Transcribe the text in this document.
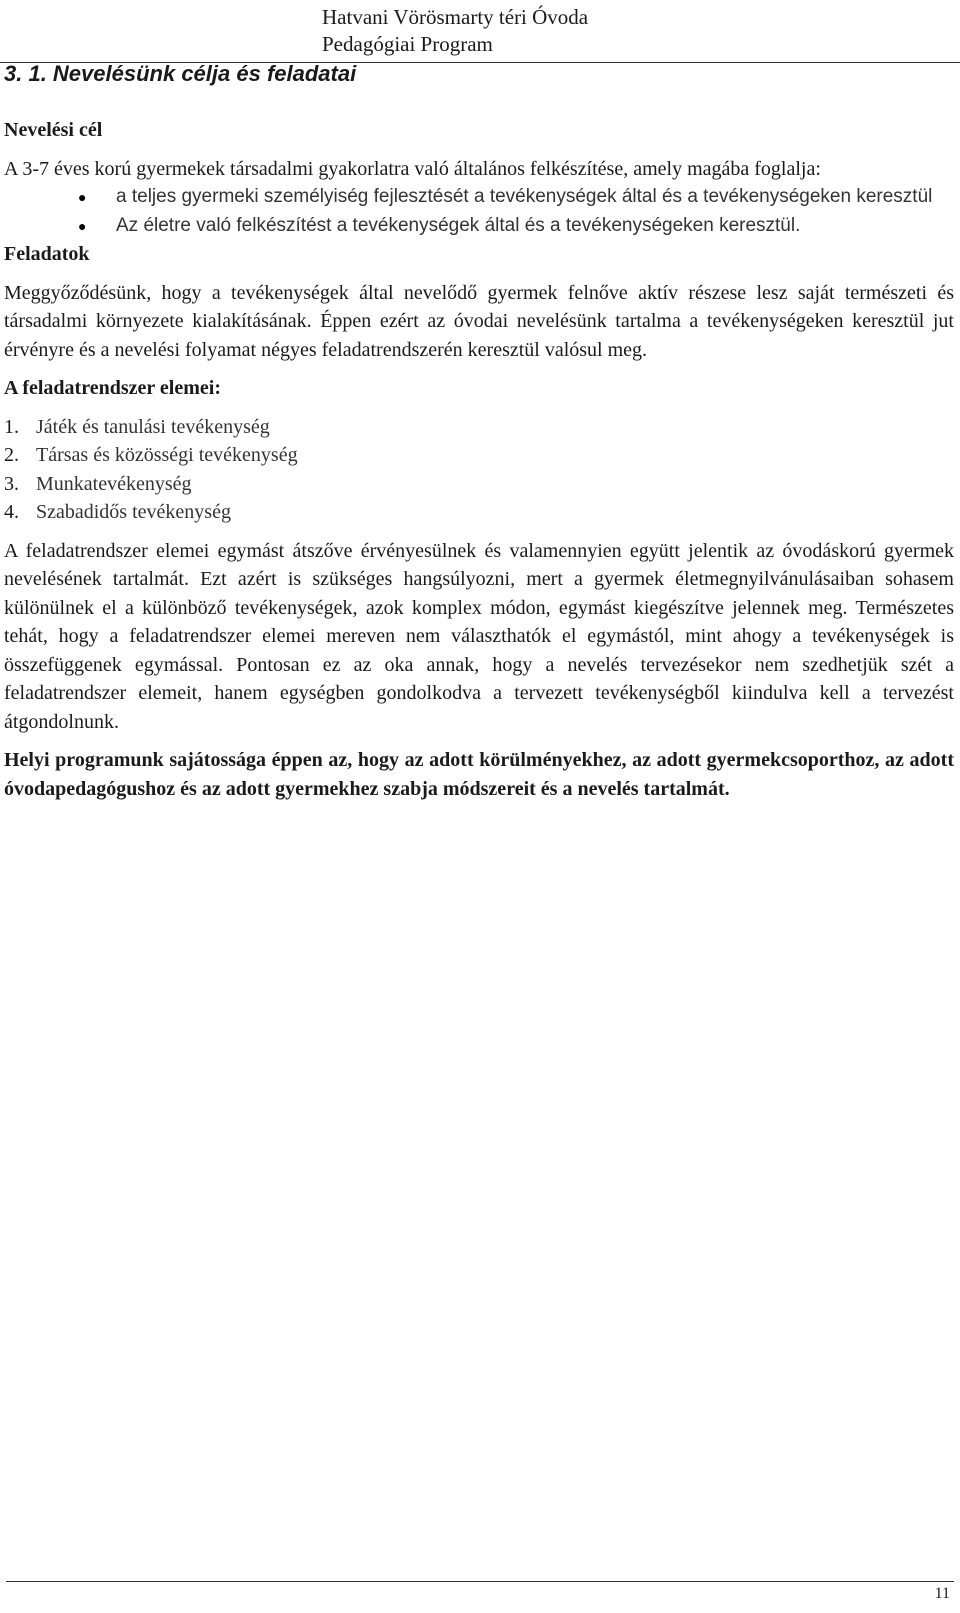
Hatvani Vörösmarty téri Óvoda
Pedagógiai Program
3. 1. Nevelésünk célja és feladatai
Nevelési cél

A 3-7 éves korú gyermekek társadalmi gyakorlatra való általános felkészítése, amely magába foglalja:

● a teljes gyermeki személyiség fejlesztését a tevékenységek által és a tevékenységeken keresztül
● Az életre való felkészítést a tevékenységek által és a tevékenységeken keresztül.
Feladatok

Meggyőződésünk, hogy a tevékenységek által nevelődő gyermek felnőve aktív részese lesz saját természeti és társadalmi környezete kialakításának. Éppen ezért az óvodai nevelésünk tartalma a tevékenységeken keresztül jut érvényre és a nevelési folyamat négyes feladatrendszerén keresztül valósul meg.

A feladatrendszer elemei:
1. Játék és tanulási tevékenység
2. Társas és közösségi tevékenység
3. Munkatevékenység
4. Szabadidős tevékenység

A feladatrendszer elemei egymást átszőve érvényesülnek és valamennyien együtt jelentik az óvodáskorú gyermek nevelésének tartalmát. Ezt azért is szükséges hangsúlyozni, mert a gyermek életmegnyilvánulásaiban sohasem különülnek el a különböző tevékenységek, azok komplex módon, egymást kiegészítve jelennek meg. Természetes tehát, hogy a feladatrendszer elemei mereven nem választhatók el egymástól, mint ahogy a tevékenységek is összefüggenek egymással. Pontosan ez az oka annak, hogy a nevelés tervezésekor nem szedhetjük szét a feladatrendszer elemeit, hanem egységben gondolkodva a tervezett tevékenységből kiindulva kell a tervezést átgondolnunk.

Helyi programunk sajátossága éppen az, hogy az adott körülményekhez, az adott gyermekcsoporthoz, az adott óvodapedagógushoz és az adott gyermekhez szabja módszereit és a nevelés tartalmát.

11
